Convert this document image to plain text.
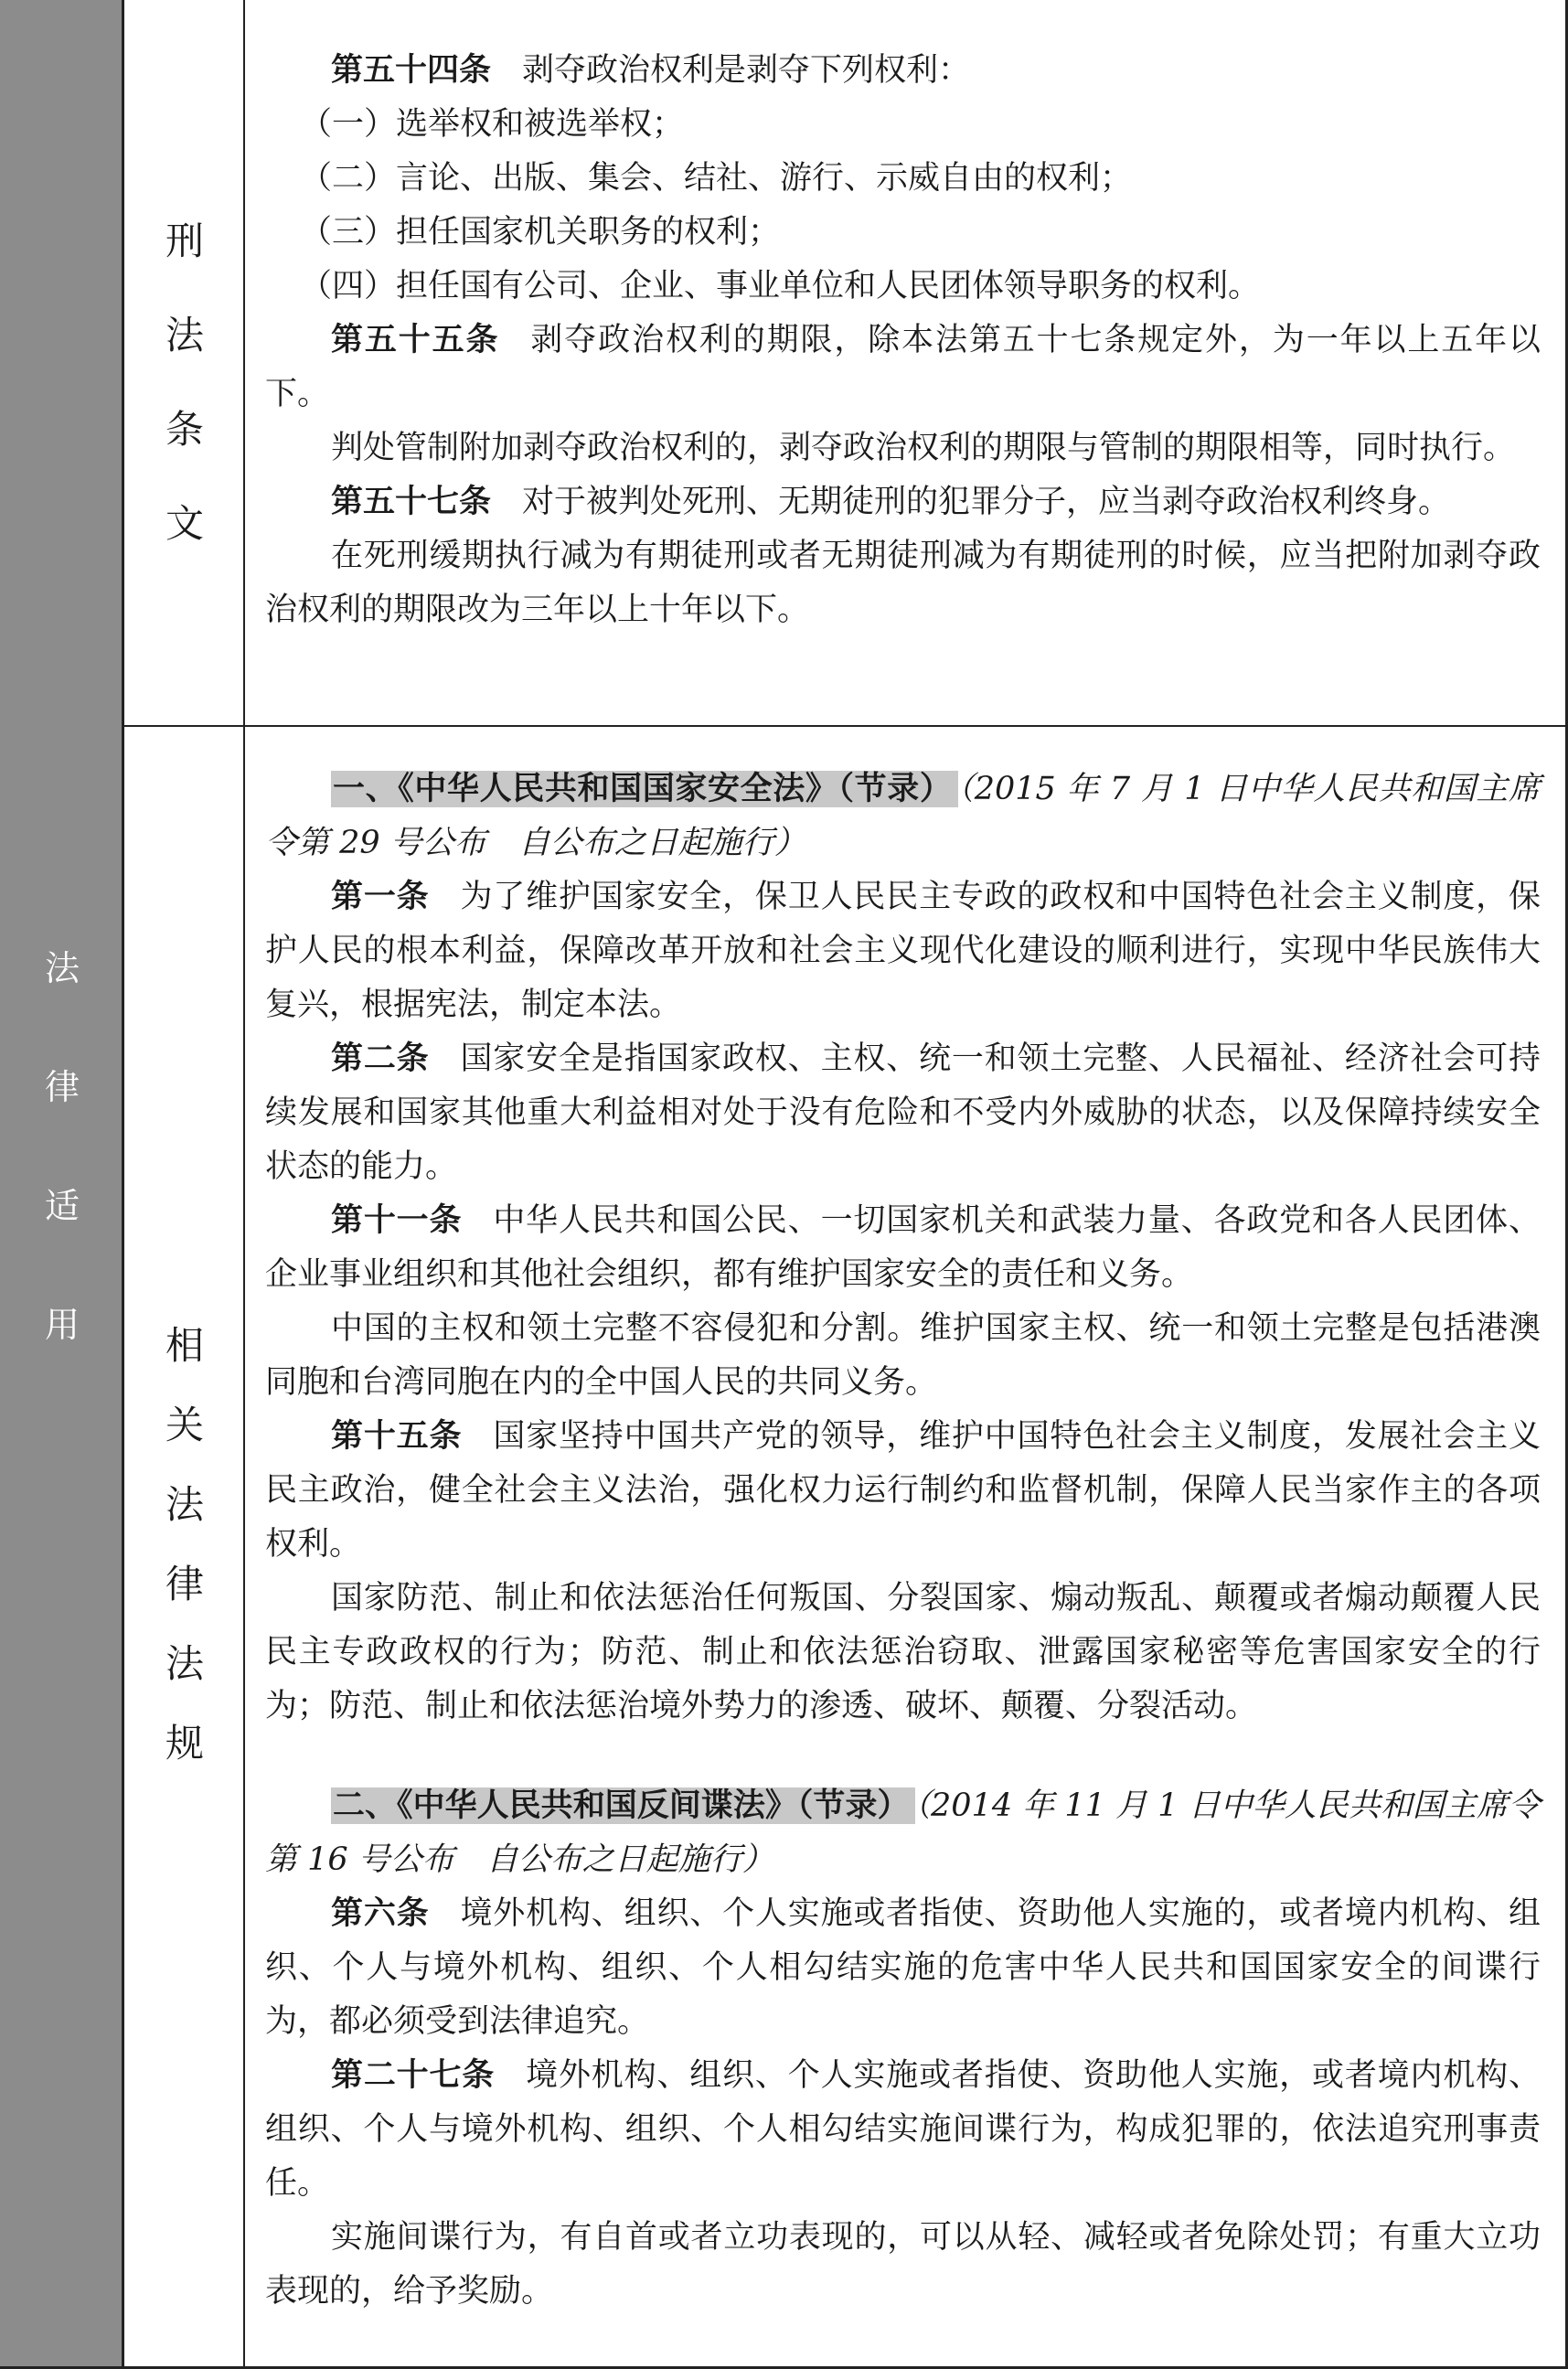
法
律
适
用
刑
法
条
文
相
关
法
律
法
规

第五十四条 剥夺政治权利是剥夺下列权利：

（一）选举权和被选举权；

（二）言论、出版、集会、结社、游行、示威自由的权利；

（三）担任国家机关职务的权利；

（四）担任国有公司、企业、事业单位和人民团体领导职务的权利。

第五十五条 剥夺政治权利的期限，除本法第五十七条规定外，为一年以上五年以下。

判处管制附加剥夺政治权利的，剥夺政治权利的期限与管制的期限相等，同时执行。

第五十七条 对于被判处死刑、无期徒刑的犯罪分子，应当剥夺政治权利终身。

在死刑缓期执行减为有期徒刑或者无期徒刑减为有期徒刑的时候，应当把附加剥夺政治权利的期限改为三年以上十年以下。

一、《中华人民共和国国家安全法》（节录） （2015 年 7 月 1 日中华人民共和国主席令第 29 号公布　自公布之日起施行）

第一条 为了维护国家安全，保卫人民民主专政的政权和中国特色社会主义制度，保护人民的根本利益，保障改革开放和社会主义现代化建设的顺利进行，实现中华民族伟大复兴，根据宪法，制定本法。

第二条 国家安全是指国家政权、主权、统一和领土完整、人民福祉、经济社会可持续发展和国家其他重大利益相对处于没有危险和不受内外威胁的状态，以及保障持续安全状态的能力。

第十一条 中华人民共和国公民、一切国家机关和武装力量、各政党和各人民团体、企业事业组织和其他社会组织，都有维护国家安全的责任和义务。

中国的主权和领土完整不容侵犯和分割。维护国家主权、统一和领土完整是包括港澳同胞和台湾同胞在内的全中国人民的共同义务。

第十五条 国家坚持中国共产党的领导，维护中国特色社会主义制度，发展社会主义民主政治，健全社会主义法治，强化权力运行制约和监督机制，保障人民当家作主的各项权利。

国家防范、制止和依法惩治任何叛国、分裂国家、煽动叛乱、颠覆或者煽动颠覆人民民主专政政权的行为；防范、制止和依法惩治窃取、泄露国家秘密等危害国家安全的行为；防范、制止和依法惩治境外势力的渗透、破坏、颠覆、分裂活动。

二、《中华人民共和国反间谍法》（节录） （2014 年 11 月 1 日中华人民共和国主席令第 16 号公布　自公布之日起施行）

第六条 境外机构、组织、个人实施或者指使、资助他人实施的，或者境内机构、组织、个人与境外机构、组织、个人相勾结实施的危害中华人民共和国国家安全的间谍行为，都必须受到法律追究。

第二十七条 境外机构、组织、个人实施或者指使、资助他人实施，或者境内机构、组织、个人与境外机构、组织、个人相勾结实施间谍行为，构成犯罪的，依法追究刑事责任。

实施间谍行为，有自首或者立功表现的，可以从轻、减轻或者免除处罚；有重大立功表现的，给予奖励。
